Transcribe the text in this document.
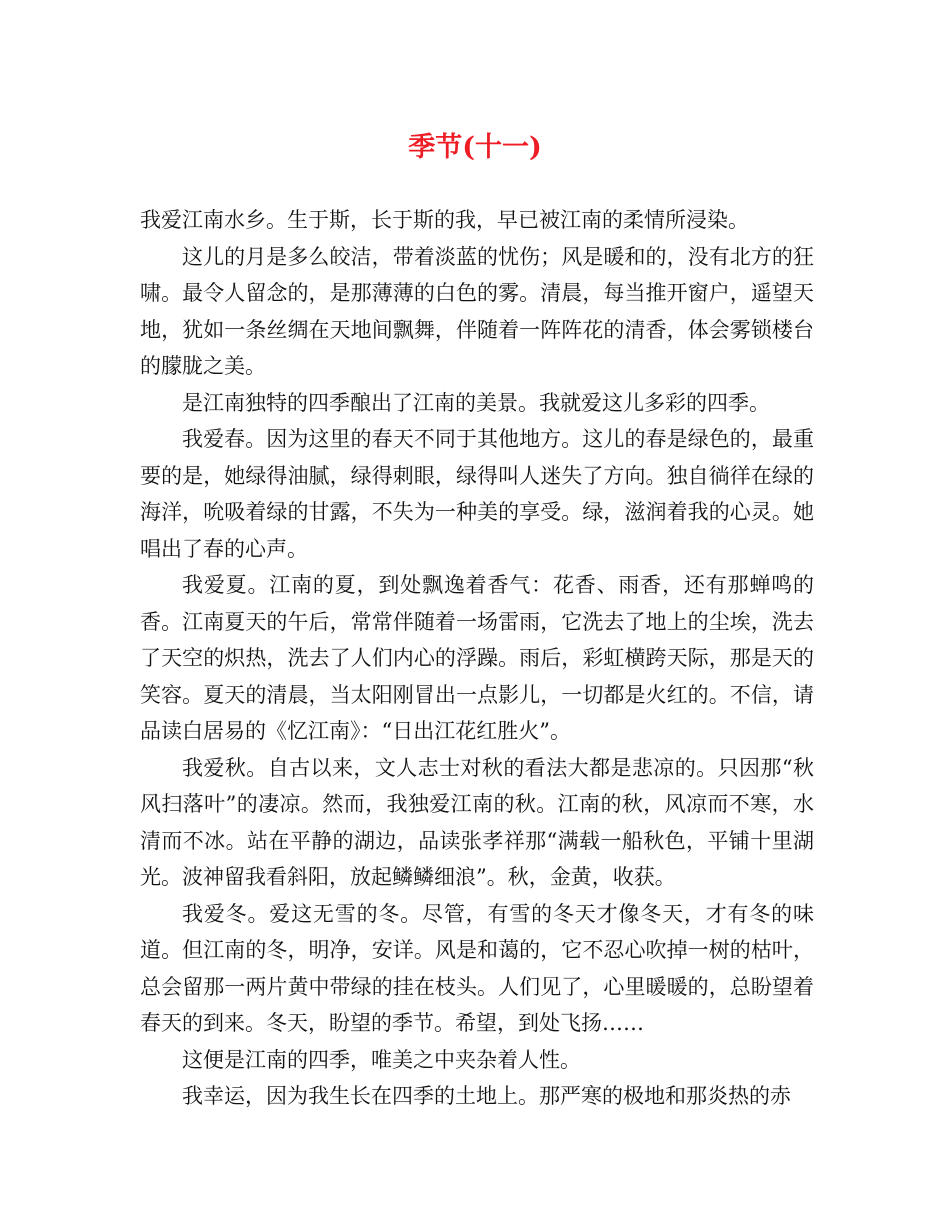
季节(十一)

我爱江南水乡。生于斯，长于斯的我，早已被江南的柔情所浸染。

这儿的月是多么皎洁，带着淡蓝的忧伤；风是暖和的，没有北方的狂啸。最令人留念的，是那薄薄的白色的雾。清晨，每当推开窗户，遥望天地，犹如一条丝绸在天地间飘舞，伴随着一阵阵花的清香，体会雾锁楼台的朦胧之美。

是江南独特的四季酿出了江南的美景。我就爱这儿多彩的四季。

我爱春。因为这里的春天不同于其他地方。这儿的春是绿色的，最重要的是，她绿得油腻，绿得刺眼，绿得叫人迷失了方向。独自徜徉在绿的海洋，吮吸着绿的甘露，不失为一种美的享受。绿，滋润着我的心灵。她唱出了春的心声。

我爱夏。江南的夏，到处飘逸着香气：花香、雨香，还有那蝉鸣的香。江南夏天的午后，常常伴随着一场雷雨，它洗去了地上的尘埃，洗去了天空的炽热，洗去了人们内心的浮躁。雨后，彩虹横跨天际，那是天的笑容。夏天的清晨，当太阳刚冒出一点影儿，一切都是火红的。不信，请品读白居易的《忆江南》：“日出江花红胜火”。

我爱秋。自古以来，文人志士对秋的看法大都是悲凉的。只因那“秋风扫落叶”的凄凉。然而，我独爱江南的秋。江南的秋，风凉而不寒，水清而不冰。站在平静的湖边，品读张孝祥那“满载一船秋色，平铺十里湖光。波神留我看斜阳，放起鳞鳞细浪”。秋，金黄，收获。

我爱冬。爱这无雪的冬。尽管，有雪的冬天才像冬天，才有冬的味道。但江南的冬，明净，安详。风是和蔼的，它不忍心吹掉一树的枯叶，总会留那一两片黄中带绿的挂在枝头。人们见了，心里暖暖的，总盼望着春天的到来。冬天，盼望的季节。希望，到处飞扬……

这便是江南的四季，唯美之中夹杂着人性。

我幸运，因为我生长在四季的土地上。那严寒的极地和那炎热的赤
